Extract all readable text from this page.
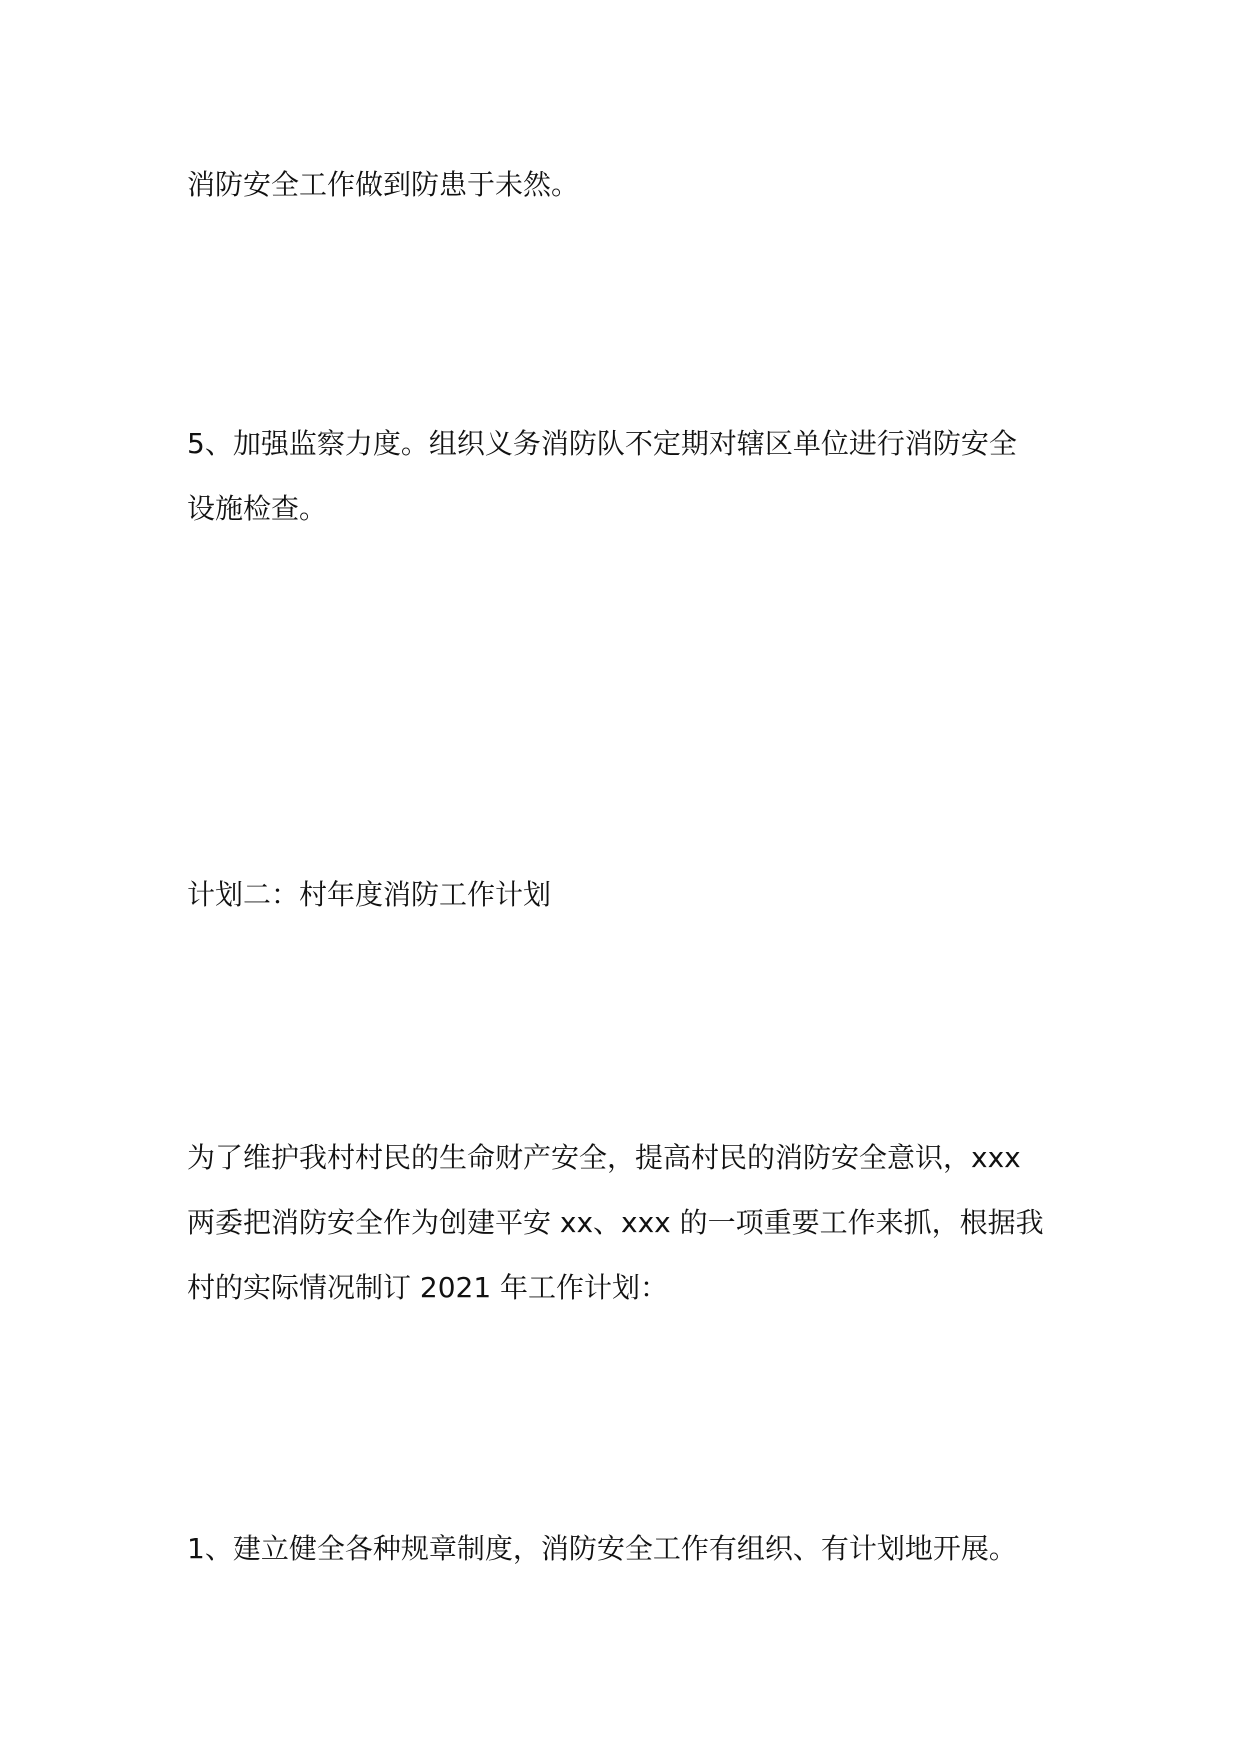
消防安全工作做到防患于未然。

5、加强监察力度。组织义务消防队不定期对辖区单位进行消防安全
设施检查。

计划二：村年度消防工作计划

为了维护我村村民的生命财产安全，提高村民的消防安全意识，xxx
两委把消防安全作为创建平安 xx、xxx 的一项重要工作来抓，根据我
村的实际情况制订 2021 年工作计划：

1、建立健全各种规章制度，消防安全工作有组织、有计划地开展。
